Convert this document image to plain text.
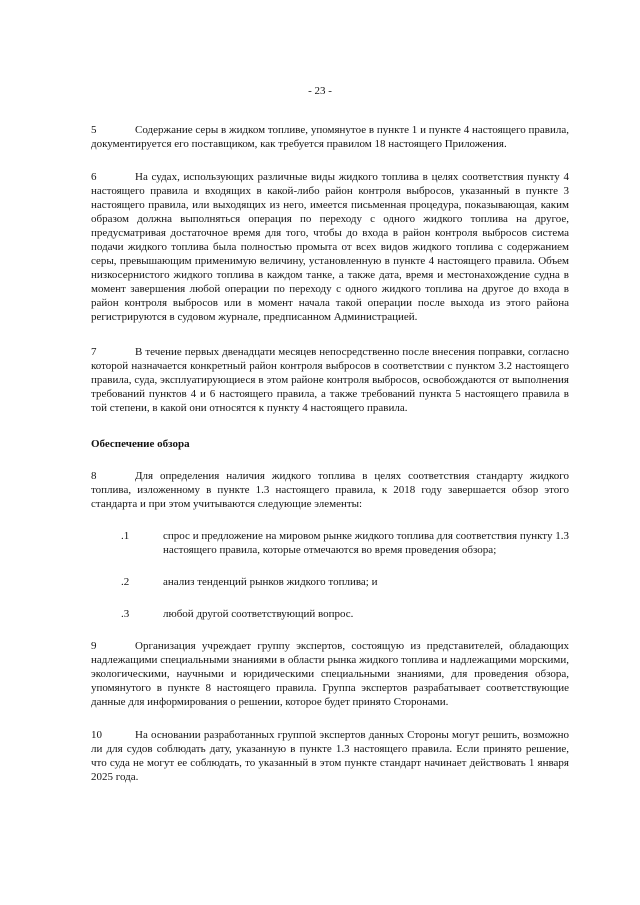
- 23 -

5	Содержание серы в жидком топливе, упомянутое в пункте 1 и пункте 4 настоящего правила, документируется его поставщиком, как требуется правилом 18 настоящего Приложения.

6	На судах, использующих различные виды жидкого топлива в целях соответствия пункту 4 настоящего правила и входящих в какой-либо район контроля выбросов, указанный в пункте 3 настоящего правила, или выходящих из него, имеется письменная процедура, показывающая, каким образом должна выполняться операция по переходу с одного жидкого топлива на другое, предусматривая достаточное время для того, чтобы до входа в район контроля выбросов система подачи жидкого топлива была полностью промыта от всех видов жидкого топлива с содержанием серы, превышающим применимую величину, установленную в пункте 4 настоящего правила. Объем низкосернистого жидкого топлива в каждом танке, а также дата, время и местонахождение судна в момент завершения любой операции по переходу с одного жидкого топлива на другое до входа в район контроля выбросов или в момент начала такой операции после выхода из этого района регистрируются в судовом журнале, предписанном Администрацией.

7	В течение первых двенадцати месяцев непосредственно после внесения поправки, согласно которой назначается конкретный район контроля выбросов в соответствии с пунктом 3.2 настоящего правила, суда, эксплуатирующиеся в этом районе контроля выбросов, освобождаются от выполнения требований пунктов 4 и 6 настоящего правила, а также требований пункта 5 настоящего правила в той степени, в какой они относятся к пункту 4 настоящего правила.

Обеспечение обзора

8	Для определения наличия жидкого топлива в целях соответствия стандарту жидкого топлива, изложенному в пункте 1.3 настоящего правила, к 2018 году завершается обзор этого стандарта и при этом учитываются следующие элементы:

.1	спрос и предложение на мировом рынке жидкого топлива для соответствия пункту 1.3 настоящего правила, которые отмечаются во время проведения обзора;
.2	анализ тенденций рынков жидкого топлива; и
.3	любой другой соответствующий вопрос.

9	Организация учреждает группу экспертов, состоящую из представителей, обладающих надлежащими специальными знаниями в области рынка жидкого топлива и надлежащими морскими, экологическими, научными и юридическими специальными знаниями, для проведения обзора, упомянутого в пункте 8 настоящего правила. Группа экспертов разрабатывает соответствующие данные для информирования о решении, которое будет принято Сторонами.

10	На основании разработанных группой экспертов данных Стороны могут решить, возможно ли для судов соблюдать дату, указанную в пункте 1.3 настоящего правила. Если принято решение, что суда не могут ее соблюдать, то указанный в этом пункте стандарт начинает действовать 1 января 2025 года.
